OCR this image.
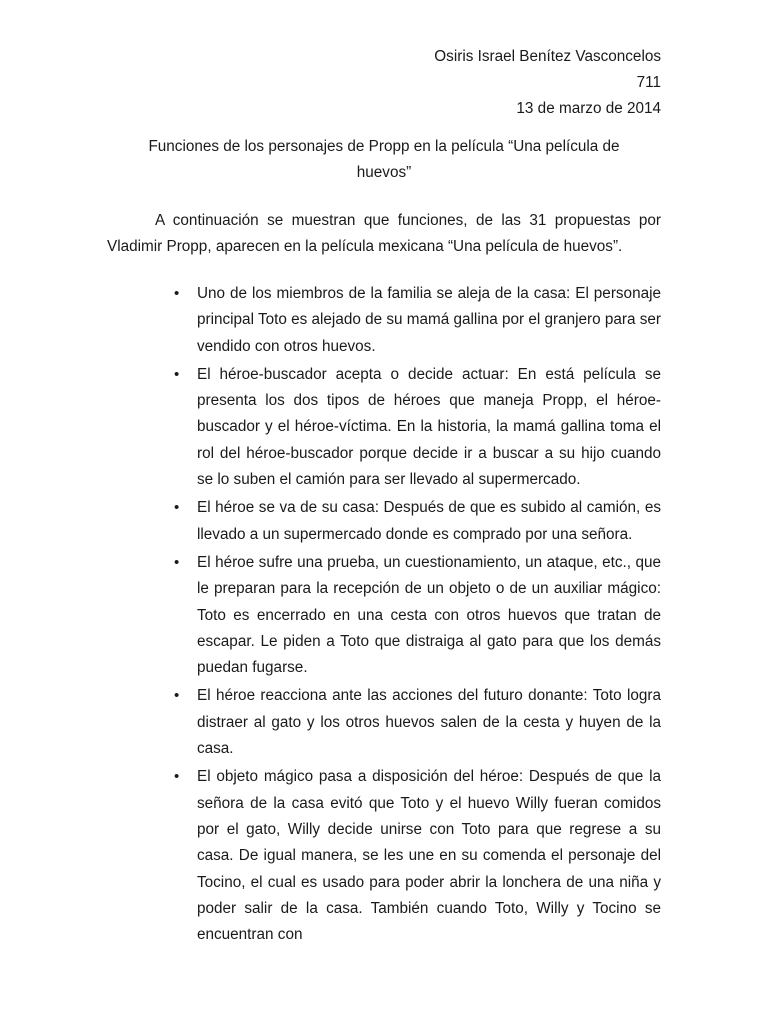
Osiris Israel Benítez Vasconcelos

711

13 de marzo de 2014

Funciones de los personajes de Propp en la película “Una película de huevos”

A continuación se muestran que funciones, de las 31 propuestas por Vladimir Propp, aparecen en la película mexicana “Una película de huevos”.

• Uno de los miembros de la familia se aleja de la casa: El personaje principal Toto es alejado de su mamá gallina por el granjero para ser vendido con otros huevos.
• El héroe-buscador acepta o decide actuar: En está película se presenta los dos tipos de héroes que maneja Propp, el héroe-buscador y el héroe-víctima. En la historia, la mamá gallina toma el rol del héroe-buscador porque decide ir a buscar a su hijo cuando se lo suben el camión para ser llevado al supermercado.
• El héroe se va de su casa: Después de que es subido al camión, es llevado a un supermercado donde es comprado por una señora.
• El héroe sufre una prueba, un cuestionamiento, un ataque, etc., que le preparan para la recepción de un objeto o de un auxiliar mágico: Toto es encerrado en una cesta con otros huevos que tratan de escapar. Le piden a Toto que distraiga al gato para que los demás puedan fugarse.
• El héroe reacciona ante las acciones del futuro donante: Toto logra distraer al gato y los otros huevos salen de la cesta y huyen de la casa.
• El objeto mágico pasa a disposición del héroe: Después de que la señora de la casa evitó que Toto y el huevo Willy fueran comidos por el gato, Willy decide unirse con Toto para que regrese a su casa. De igual manera, se les une en su comenda el personaje del Tocino, el cual es usado para poder abrir la lonchera de una niña y poder salir de la casa. También cuando Toto, Willy y Tocino se encuentran con
